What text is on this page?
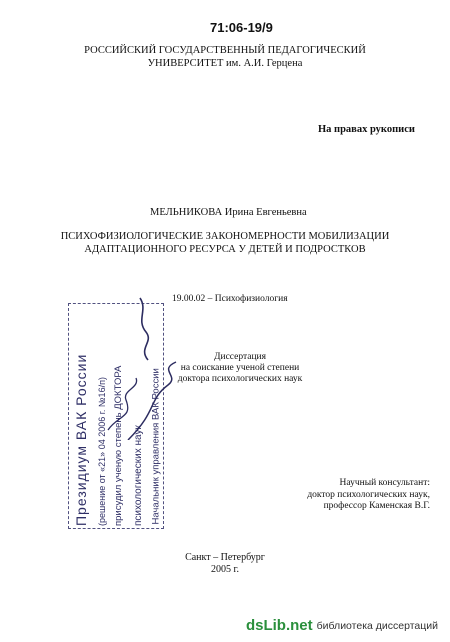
71:06-19/9
РОССИЙСКИЙ ГОСУДАРСТВЕННЫЙ ПЕДАГОГИЧЕСКИЙ
УНИВЕРСИТЕТ им. А.И. Герцена
На правах рукописи
МЕЛЬНИКОВА Ирина Евгеньевна
ПСИХОФИЗИОЛОГИЧЕСКИЕ ЗАКОНОМЕРНОСТИ МОБИЛИЗАЦИИ
АДАПТАЦИОННОГО РЕСУРСА У ДЕТЕЙ И ПОДРОСТКОВ
19.00.02 – Психофизиология
Диссертация
на соискание ученой степени
доктора психологических наук
Научный консультант:
доктор психологических наук,
профессор Каменская В.Г.
Санкт – Петербург
2005 г.
Президиум ВАК России (решение от «21» 04 2006 г. №16/п) присудил ученую степень ДОКТОРА психологических наук Начальник управления ВАК России
dsLib.net библиотека диссертаций
